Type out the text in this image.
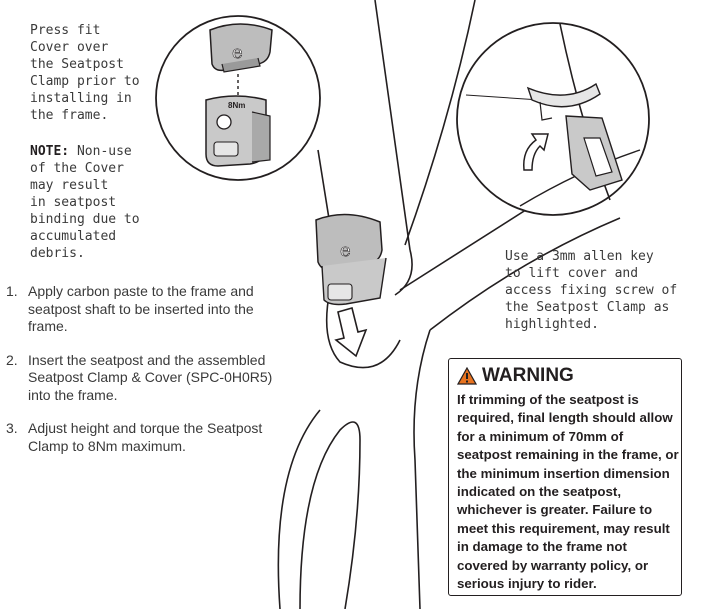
e
8Nm
e
Press fit
Cover over
the Seatpost
Clamp prior to
installing in
the frame.
NOTE: Non-use
of the Cover
may result
in seatpost
binding due to
accumulated
debris.	Use a 3mm allen key
to lift cover and
access fixing screw of
the Seatpost Clamp as
highlighted.
1. Apply carbon paste to the frame and seatpost shaft to be inserted into the frame.
2. Insert the seatpost and the assembled Seatpost Clamp & Cover (SPC-0H0R5) into the frame.
3. Adjust height and torque the Seatpost Clamp to 8Nm maximum.
WARNING
If trimming of the seatpost is required, final length should allow for a minimum of 70mm of seatpost remaining in the frame, or the minimum insertion dimension indicated on the seatpost, whichever is greater. Failure to meet this requirement, may result in damage to the frame not covered by warranty policy, or serious injury to rider.
